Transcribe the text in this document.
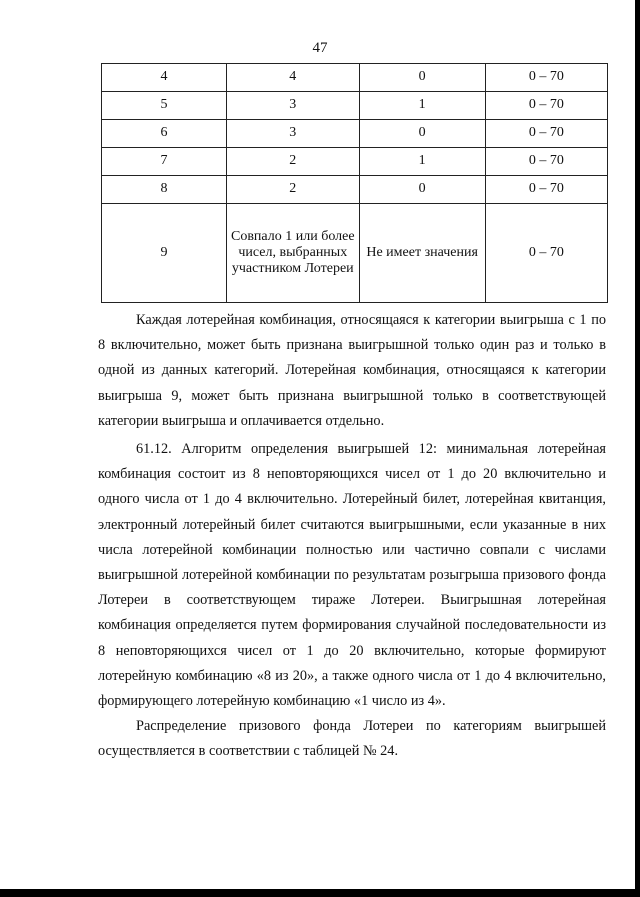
47
4	4	0	0 – 70
5	3	1	0 – 70
6	3	0	0 – 70
7	2	1	0 – 70
8	2	0	0 – 70
9	Совпало 1 или более чисел, выбранных участником Лотереи	Не имеет значения	0 – 70

Каждая лотерейная комбинация, относящаяся к категории выигрыша с 1 по 8 включительно, может быть признана выигрышной только один раз и только в одной из данных категорий. Лотерейная комбинация, относящаяся к категории выигрыша 9, может быть признана выигрышной только в соответствующей категории выигрыша и оплачивается отдельно.

61.12. Алгоритм определения выигрышей 12: минимальная лотерейная комбинация состоит из 8 неповторяющихся чисел от 1 до 20 включительно и одного числа от 1 до 4 включительно. Лотерейный билет, лотерейная квитанция, электронный лотерейный билет считаются выигрышными, если указанные в них числа лотерейной комбинации полностью или частично совпали с числами выигрышной лотерейной комбинации по результатам розыгрыша призового фонда Лотереи в соответствующем тираже Лотереи. Выигрышная лотерейная комбинация определяется путем формирования случайной последовательности из 8 неповторяющихся чисел от 1 до 20 включительно, которые формируют лотерейную комбинацию «8 из 20», а также одного числа от 1 до 4 включительно, формирующего лотерейную комбинацию «1 число из 4».

Распределение призового фонда Лотереи по категориям выигрышей осуществляется в соответствии с таблицей № 24.
